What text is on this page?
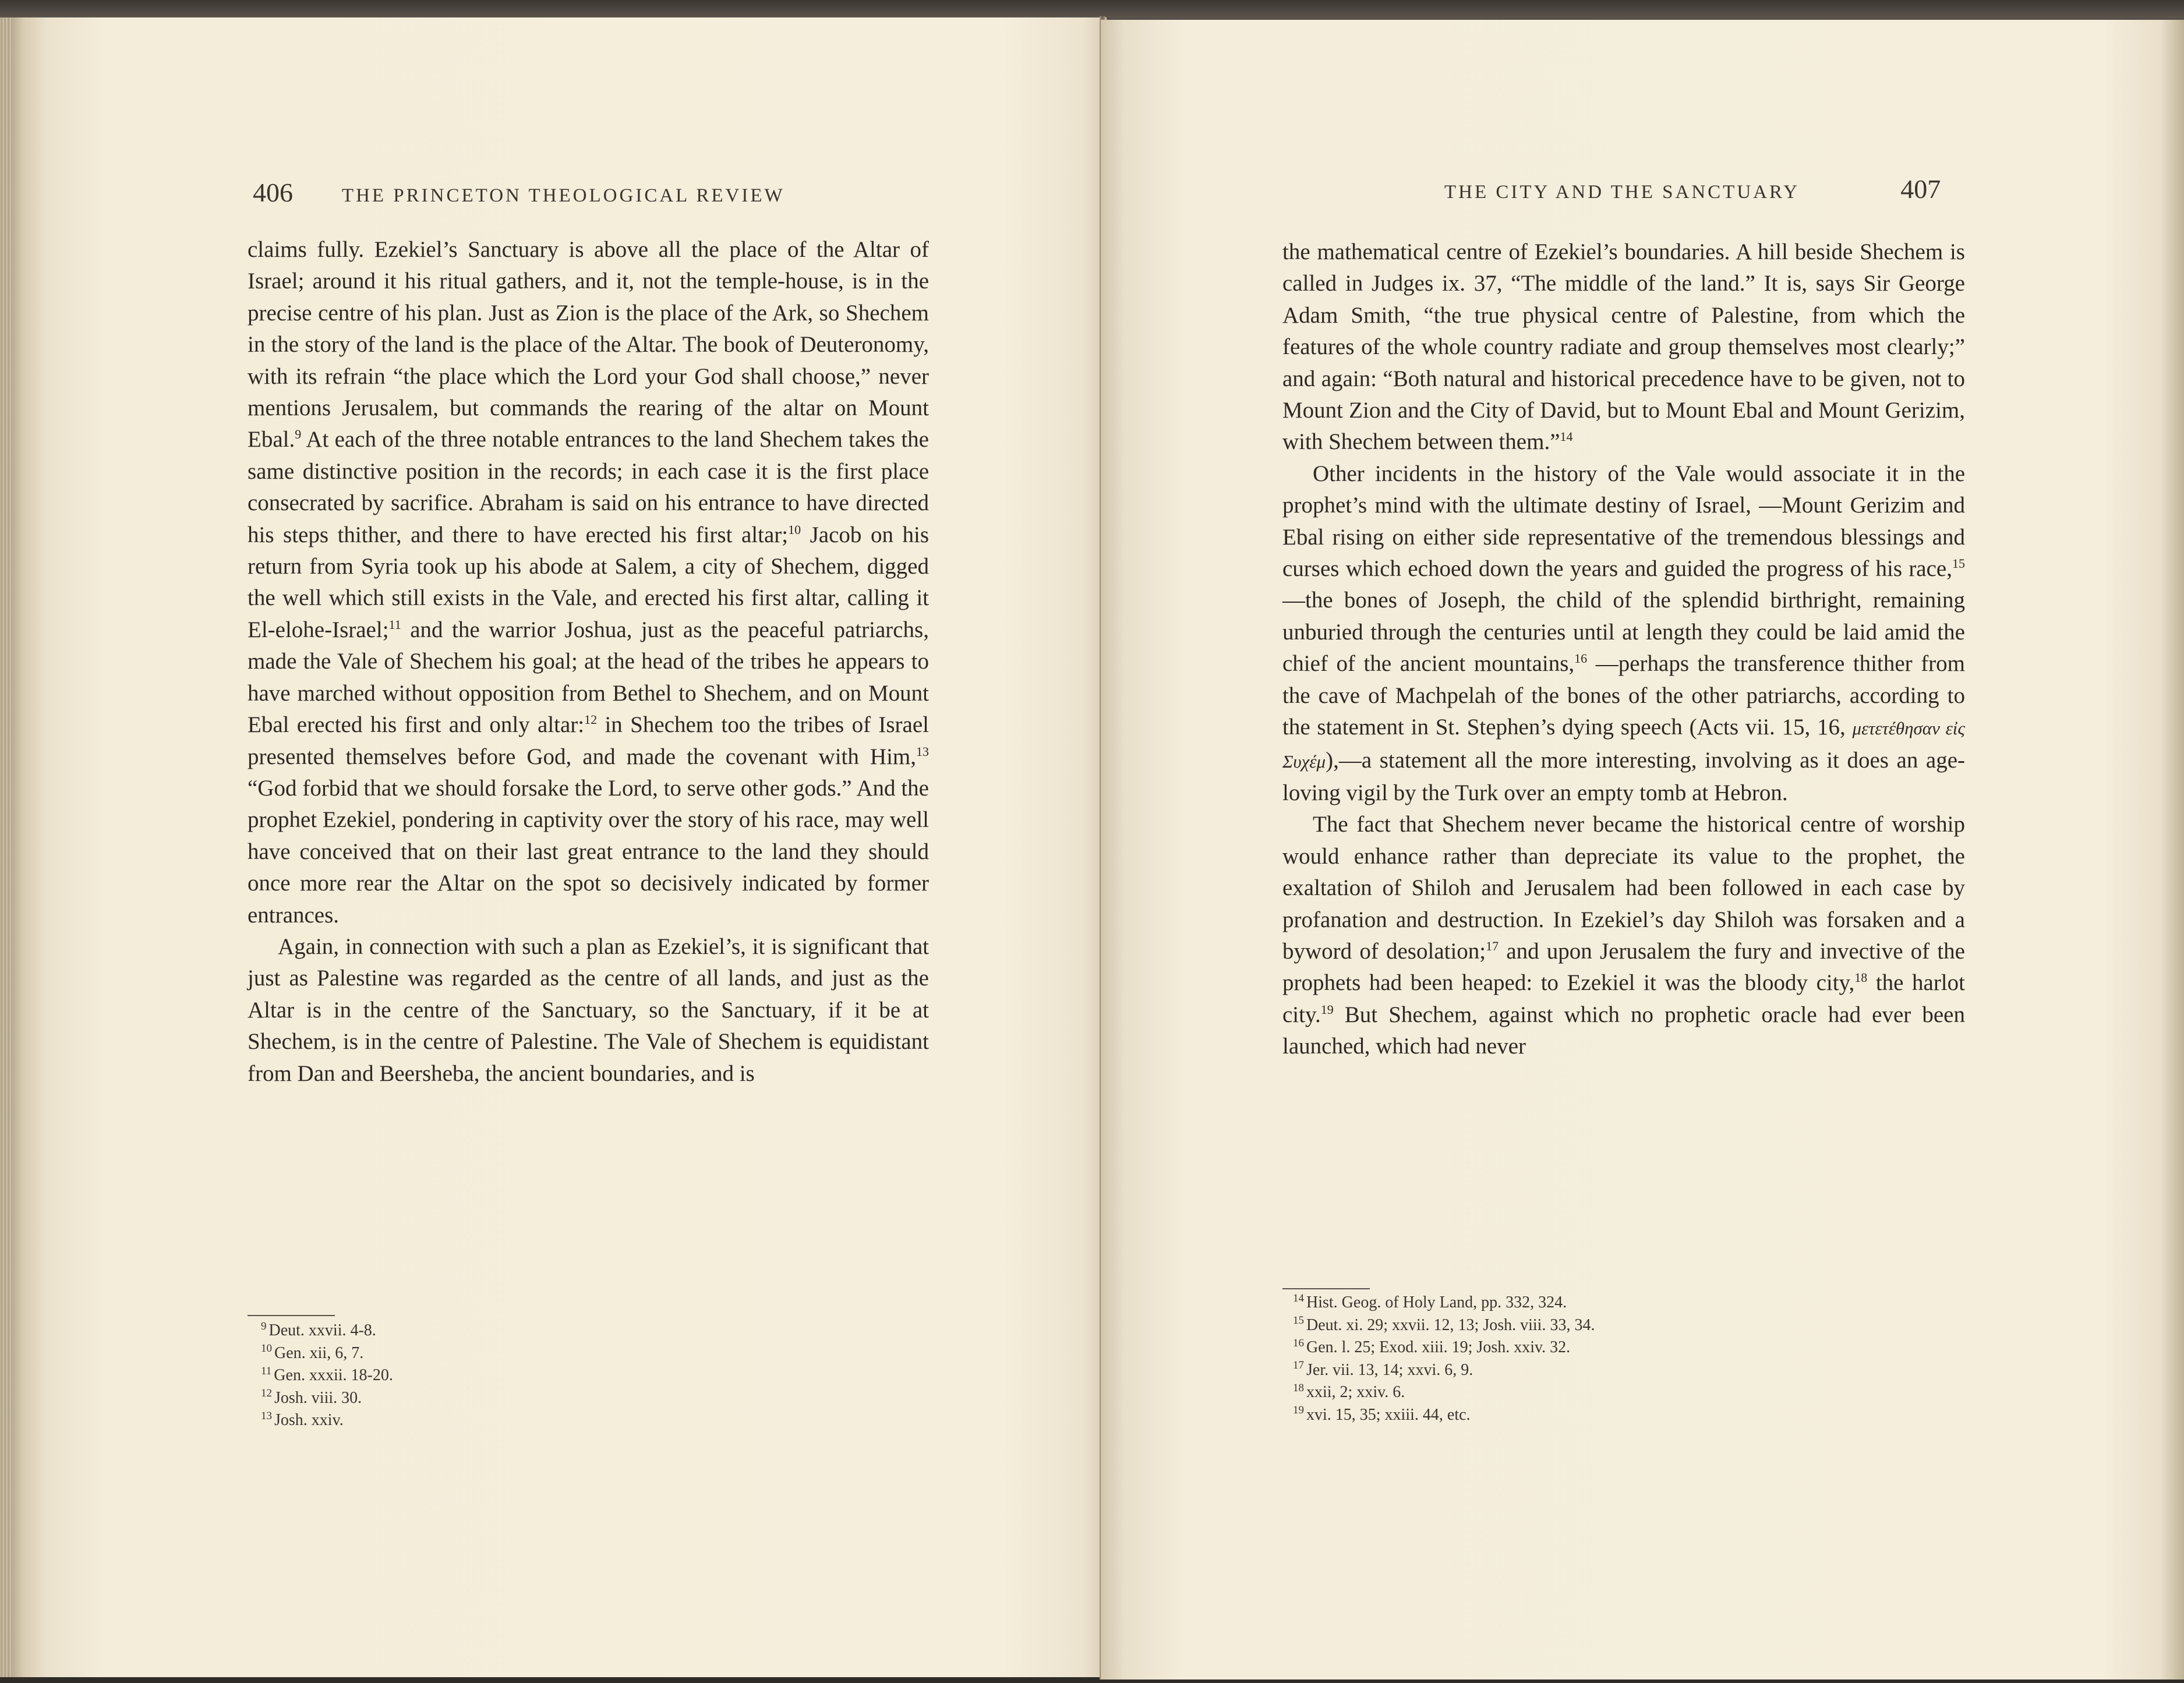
406	THE PRINCETON THEOLOGICAL REVIEW

claims fully. Ezekiel’s Sanctuary is above all the place of the Altar of Israel; around it his ritual gathers, and it, not the temple-house, is in the precise centre of his plan. Just as Zion is the place of the Ark, so Shechem in the story of the land is the place of the Altar. The book of Deuteronomy, with its refrain “the place which the Lord your God shall choose,” never mentions Jerusalem, but commands the rearing of the altar on Mount Ebal.$^9$ At each of the three notable entrances to the land Shechem takes the same distinctive position in the records; in each case it is the first place consecrated by sacrifice. Abraham is said on his entrance to have directed his steps thither, and there to have erected his first altar;$^{10}$ Jacob on his return from Syria took up his abode at Salem, a city of Shechem, digged the well which still exists in the Vale, and erected his first altar, calling it El-elohe-Israel;$^{11}$ and the warrior Joshua, just as the peaceful patriarchs, made the Vale of Shechem his goal; at the head of the tribes he appears to have marched without opposition from Bethel to Shechem, and on Mount Ebal erected his first and only altar:$^{12}$ in Shechem too the tribes of Israel presented themselves before God, and made the covenant with Him,$^{13}$ “God forbid that we should forsake the Lord, to serve other gods.” And the prophet Ezekiel, pondering in captivity over the story of his race, may well have conceived that on their last great entrance to the land they should once more rear the Altar on the spot so decisively indicated by former entrances.

Again, in connection with such a plan as Ezekiel’s, it is significant that just as Palestine was regarded as the centre of all lands, and just as the Altar is in the centre of the Sanctuary, so the Sanctuary, if it be at Shechem, is in the centre of Palestine. The Vale of Shechem is equidistant from Dan and Beersheba, the ancient boundaries, and is

$^9$ Deut. xxvii. 4-8.
$^{10}$ Gen. xii, 6, 7.
$^{11}$ Gen. xxxii. 18-20.
$^{12}$ Josh. viii. 30.
$^{13}$ Josh. xxiv.
THE CITY AND THE SANCTUARY	407

the mathematical centre of Ezekiel’s boundaries. A hill beside Shechem is called in Judges ix. 37, “The middle of the land.” It is, says Sir George Adam Smith, “the true physical centre of Palestine, from which the features of the whole country radiate and group themselves most clearly;” and again: “Both natural and historical precedence have to be given, not to Mount Zion and the City of David, but to Mount Ebal and Mount Gerizim, with Shechem between them.”$^{14}$

Other incidents in the history of the Vale would associate it in the prophet’s mind with the ultimate destiny of Israel, —Mount Gerizim and Ebal rising on either side representative of the tremendous blessings and curses which echoed down the years and guided the progress of his race,$^{15}$—the bones of Joseph, the child of the splendid birthright, remaining unburied through the centuries until at length they could be laid amid the chief of the ancient mountains,$^{16}$ —perhaps the transference thither from the cave of Machpelah of the bones of the other patriarchs, according to the statement in St. Stephen’s dying speech (Acts vii. 15, 16, μετετέθησαν εἰς Συχέμ),—a statement all the more interesting, involving as it does an age-loving vigil by the Turk over an empty tomb at Hebron.

The fact that Shechem never became the historical centre of worship would enhance rather than depreciate its value to the prophet, the exaltation of Shiloh and Jerusalem had been followed in each case by profanation and destruction. In Ezekiel’s day Shiloh was forsaken and a byword of desolation;$^{17}$ and upon Jerusalem the fury and invective of the prophets had been heaped: to Ezekiel it was the bloody city,$^{18}$ the harlot city.$^{19}$ But Shechem, against which no prophetic oracle had ever been launched, which had never

$^{14}$ Hist. Geog. of Holy Land, pp. 332, 324.
$^{15}$ Deut. xi. 29; xxvii. 12, 13; Josh. viii. 33, 34.
$^{16}$ Gen. l. 25; Exod. xiii. 19; Josh. xxiv. 32.
$^{17}$ Jer. vii. 13, 14; xxvi. 6, 9.
$^{18}$ xxii, 2; xxiv. 6.
$^{19}$ xvi. 15, 35; xxiii. 44, etc.
